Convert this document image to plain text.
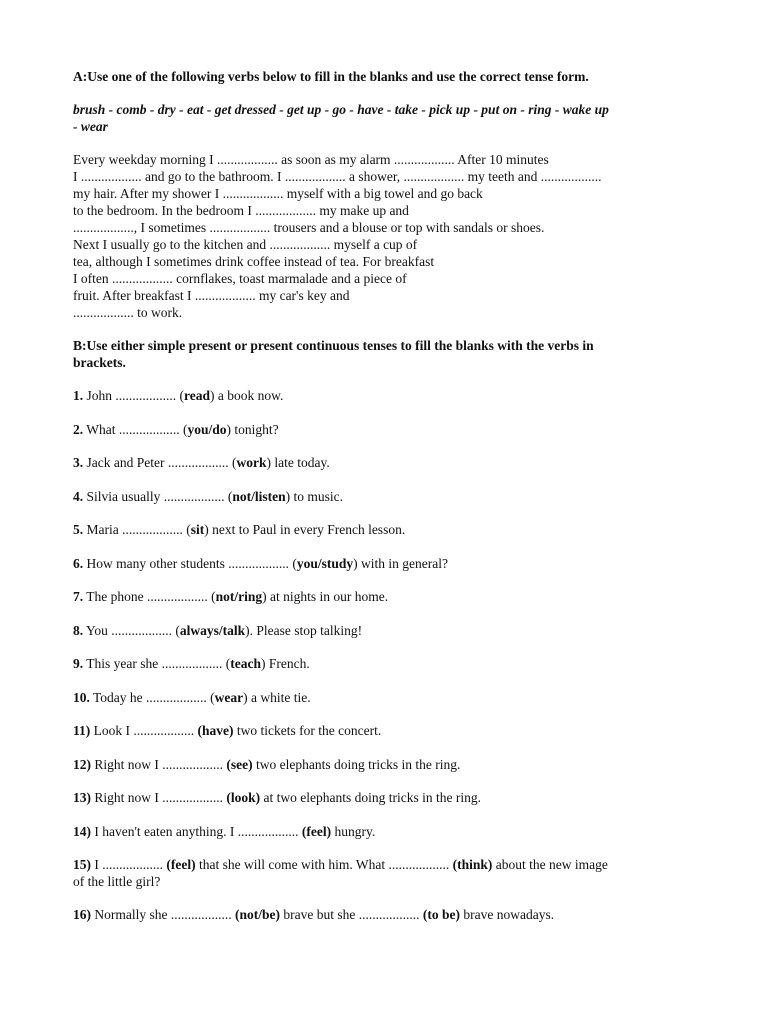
A:Use one of the following verbs below to fill in the blanks and use the correct tense form.

brush - comb - dry - eat - get dressed - get up - go - have - take - pick up - put on - ring - wake up
- wear

Every weekday morning I .................. as soon as my alarm .................. After 10 minutes
I .................. and go to the bathroom. I .................. a shower, .................. my teeth and ..................
my hair. After my shower I .................. myself with a big towel and go back
to the bedroom. In the bedroom I .................. my make up and
.................., I sometimes .................. trousers and a blouse or top with sandals or shoes.
Next I usually go to the kitchen and .................. myself a cup of
tea, although I sometimes drink coffee instead of tea. For breakfast
I often .................. cornflakes, toast marmalade and a piece of
fruit. After breakfast I .................. my car's key and
.................. to work.

B:Use either simple present or present continuous tenses to fill the blanks with the verbs in
brackets.

1. John .................. (read) a book now.

2. What .................. (you/do) tonight?

3. Jack and Peter .................. (work) late today.

4. Silvia usually .................. (not/listen) to music.

5. Maria .................. (sit) next to Paul in every French lesson.

6. How many other students .................. (you/study) with in general?

7. The phone .................. (not/ring) at nights in our home.

8. You .................. (always/talk). Please stop talking!

9. This year she .................. (teach) French.

10. Today he .................. (wear) a white tie.

11) Look I .................. (have) two tickets for the concert.

12) Right now I .................. (see) two elephants doing tricks in the ring.

13) Right now I .................. (look) at two elephants doing tricks in the ring.

14) I haven't eaten anything. I .................. (feel) hungry.

15) I .................. (feel) that she will come with him. What .................. (think) about the new image
of the little girl?

16) Normally she .................. (not/be) brave but she .................. (to be) brave nowadays.
